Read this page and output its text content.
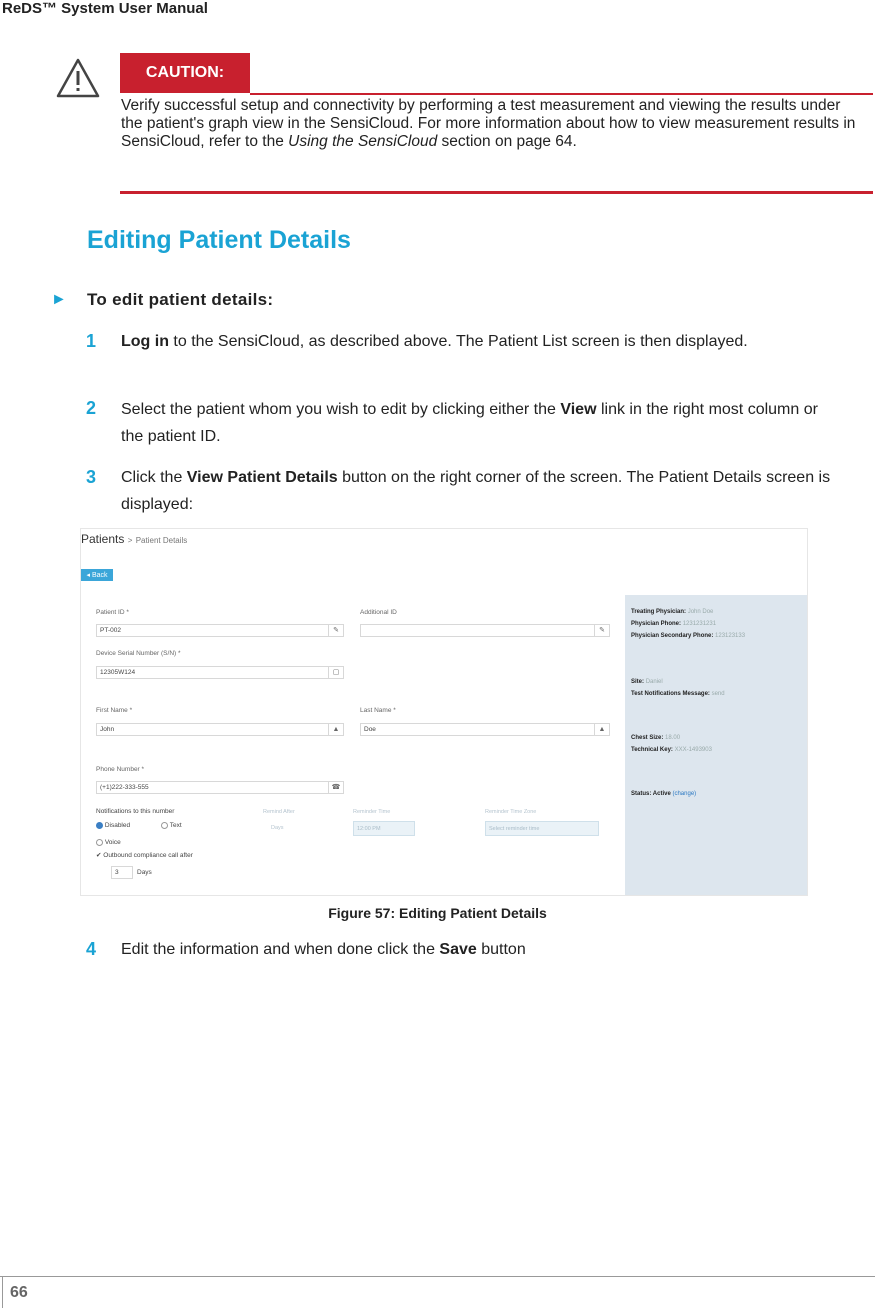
ReDS™ System User Manual
CAUTION:
Verify successful setup and connectivity by performing a test measurement and viewing the results under the patient's graph view in the SensiCloud. For more information about how to view measurement results in SensiCloud, refer to the Using the SensiCloud section on page 64.
Editing Patient Details
► To edit patient details:
1 Log in to the SensiCloud, as described above. The Patient List screen is then displayed.
2 Select the patient whom you wish to edit by clicking either the View link in the right most column or the patient ID.
3 Click the View Patient Details button on the right corner of the screen. The Patient Details screen is displayed:
Patients > Patient Details
◂ Back
Patient ID *
PT-002	✎
Additional ID
✎
Device Serial Number (S/N) *
12305W124	▢
First Name *
John	▲
Last Name *
Doe	▲
Phone Number *
(+1)222-333-555	☎
Notifications to this number
Disabled	Text
Voice
✔ Outbound compliance call after
3	Days
Remind After
Days
Reminder Time
12:00 PM
Reminder Time Zone
Select reminder time
Treating Physician: John Doe
Physician Phone: 1231231231
Physician Secondary Phone: 123123133
Site: Daniel
Test Notifications Message: send
Chest Size: 18.00
Technical Key: XXX-1493903
Status: Active (change)
Figure 57: Editing Patient Details
4 Edit the information and when done click the Save button
66
